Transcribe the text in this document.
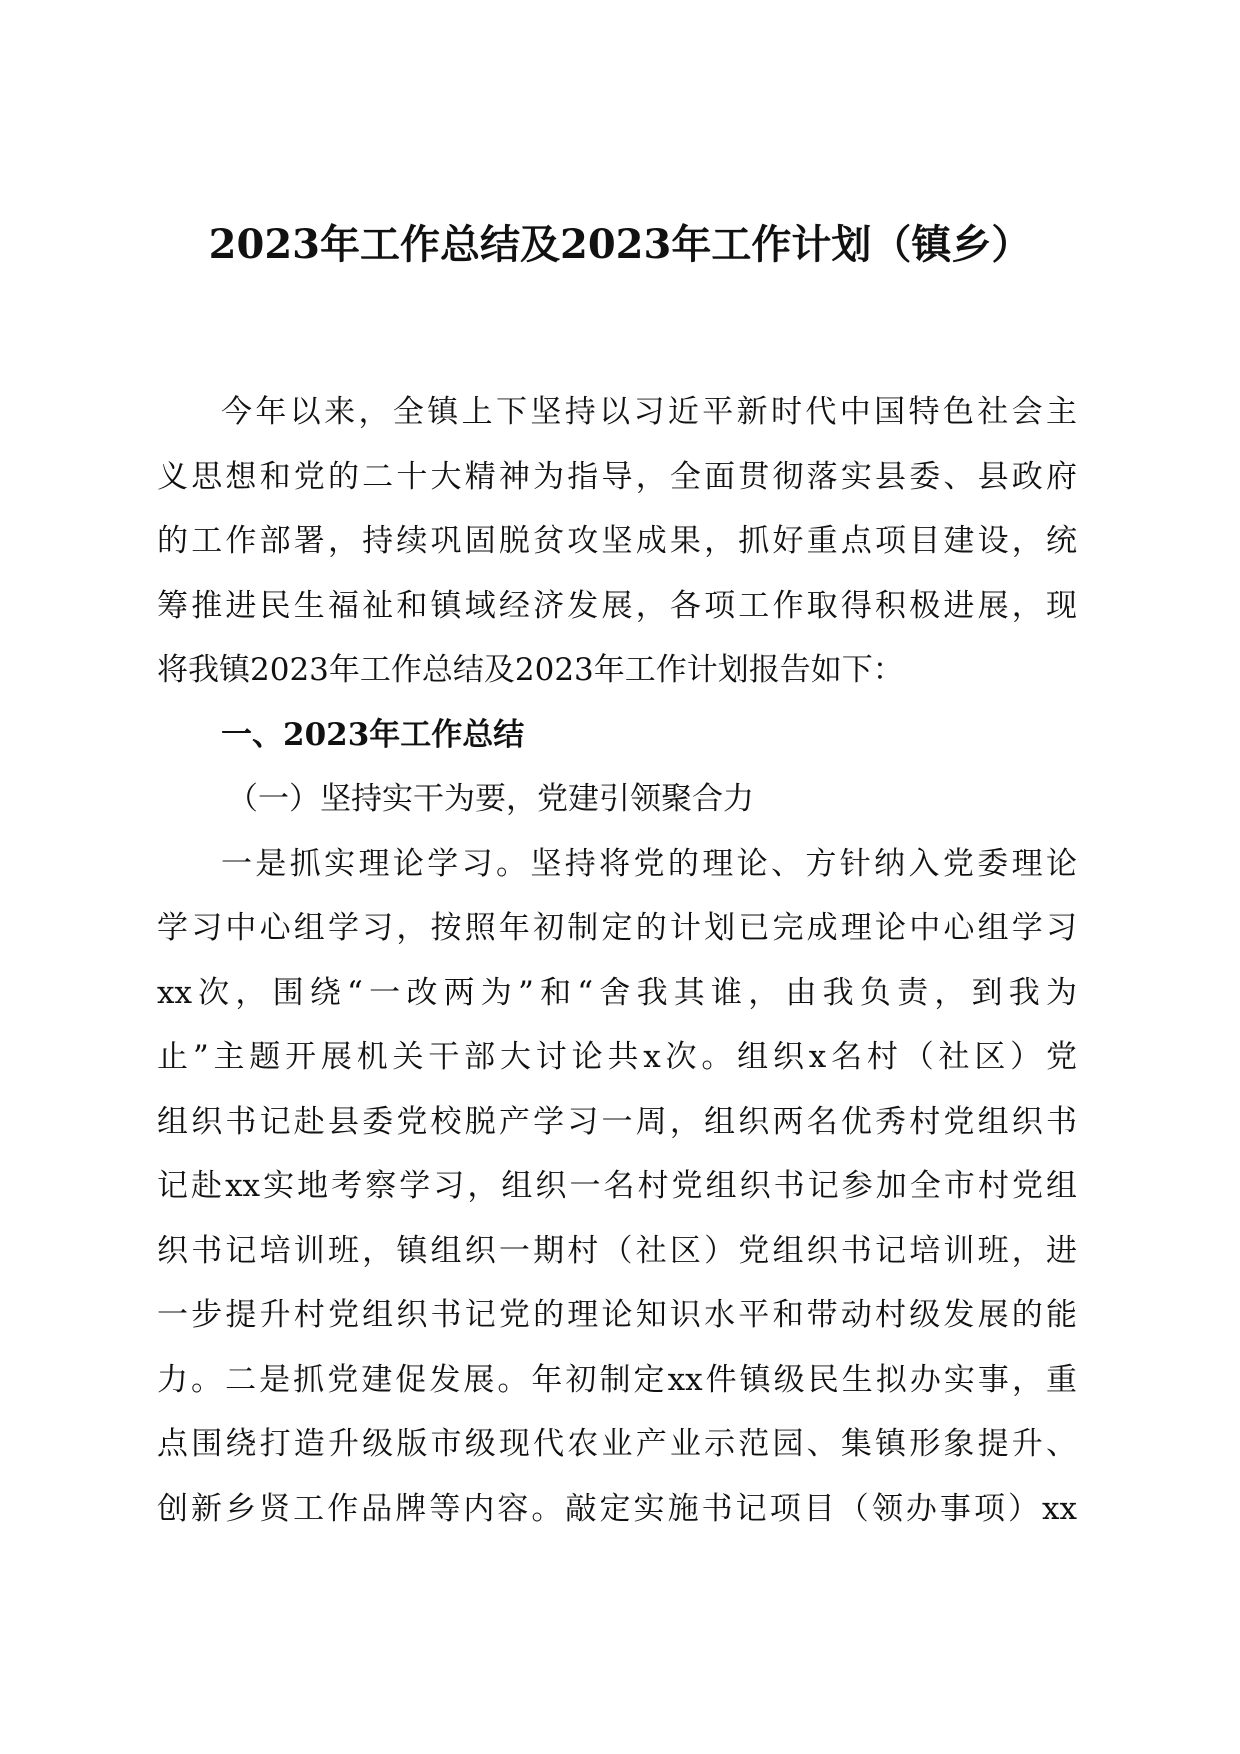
2023年工作总结及2023年工作计划（镇乡）
今年以来，全镇上下坚持以习近平新时代中国特色社会主
义思想和党的二十大精神为指导，全面贯彻落实县委、县政府
的工作部署，持续巩固脱贫攻坚成果，抓好重点项目建设，统
筹推进民生福祉和镇域经济发展，各项工作取得积极进展，现
将我镇2023年工作总结及2023年工作计划报告如下：
一、2023年工作总结
（一）坚持实干为要，党建引领聚合力
一是抓实理论学习。坚持将党的理论、方针纳入党委理论
学习中心组学习，按照年初制定的计划已完成理论中心组学习
xx次，围绕“一改两为”和“舍我其谁，由我负责，到我为
止”主题开展机关干部大讨论共x次。组织x名村（社区）党
组织书记赴县委党校脱产学习一周，组织两名优秀村党组织书
记赴xx实地考察学习，组织一名村党组织书记参加全市村党组
织书记培训班，镇组织一期村（社区）党组织书记培训班，进
一步提升村党组织书记党的理论知识水平和带动村级发展的能
力。二是抓党建促发展。年初制定xx件镇级民生拟办实事，重
点围绕打造升级版市级现代农业产业示范园、集镇形象提升、
创新乡贤工作品牌等内容。敲定实施书记项目（领办事项）xx
